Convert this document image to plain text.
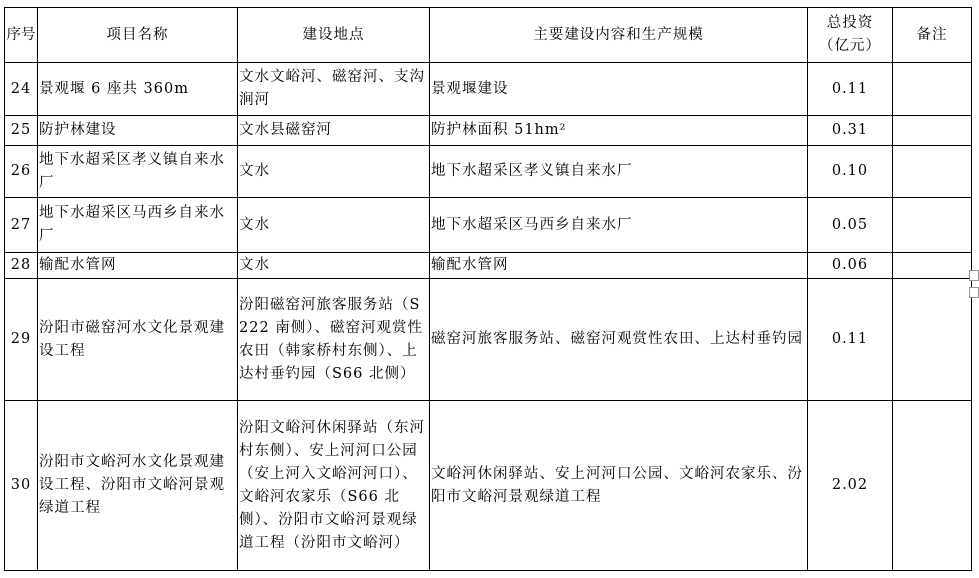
序号	项目名称	建设地点	主要建设内容和生产规模	总投资（亿元）	备注
24	景观堰 6 座共 360m	文水文峪河、磁窑河、支沟涧河	景观堰建设	0.11	
25	防护林建设	文水县磁窑河	防护林面积 51hm²	0.31	
26	地下水超采区孝义镇自来水厂	文水	地下水超采区孝义镇自来水厂	0.10	
27	地下水超采区马西乡自来水厂	文水	地下水超采区马西乡自来水厂	0.05	
28	输配水管网	文水	输配水管网	0.06	
29	汾阳市磁窑河水文化景观建设工程	汾阳磁窑河旅客服务站（S222 南侧）、磁窑河观赏性农田（韩家桥村东侧）、上达村垂钓园（S66 北侧）	磁窑河旅客服务站、磁窑河观赏性农田、上达村垂钓园	0.11	
30	汾阳市文峪河水文化景观建设工程、汾阳市文峪河景观绿道工程	汾阳文峪河休闲驿站（东河村东侧）、安上河河口公园（安上河入文峪河河口）、文峪河农家乐（S66 北侧）、汾阳市文峪河景观绿道工程（汾阳市文峪河）	文峪河休闲驿站、安上河河口公园、文峪河农家乐、汾阳市文峪河景观绿道工程	2.02	
